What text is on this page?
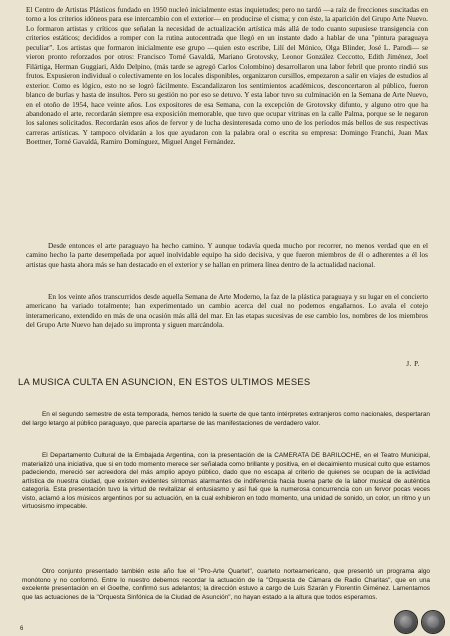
El Centro de Artistas Plásticos fundado en 1950 nucleó inicialmente estas inquietudes; pero no tardó —a raíz de frecciones suscitadas en torno a los criterios idóneos para ese intercambio con el exterior— en producirse el cisma; y con éste, la aparición del Grupo Arte Nuevo. Lo formaron artistas y críticos que señalan la necesidad de actualización artística más allá de todo cuanto supusiese transigencia con criterios estáticos; decididos a romper con la rutina autocentrada que llegó en un instante dado a hablar de una "pintura paraguaya peculiar". Los artistas que formaron inicialmente ese grupo —quien esto escribe, Lilí del Mónico, Olga Blinder, José L. Parodi— se vieron pronto reforzados por otros: Francisco Torné Gavaldá, Mariano Grotovsky, Leonor González Ceccotto, Edith Jiménez, Joel Filártiga, Herman Guggiari, Aldo Delpino, (más tarde se agregó Carlos Colombino) desarrollaron una labor febril que pronto rindió sus frutos. Expusieron individual o colectivamente en los locales disponibles, organizaron cursillos, empezaron a salir en viajes de estudios al exterior. Como es lógico, esto no se logró fácilmente. Escandalizaron los sentimientos académicos, desconcertaron al público, fueron blanco de burlas y hasta de insultos. Pero su gestión no por eso se detuvo. Y esta labor tuvo su culminación en la Semana de Arte Nuevo, en el otoño de 1954, hace veinte años. Los expositores de esa Semana, con la excepción de Grotovsky difunto, y alguno otro que ha abandonado el arte, recordarán siempre esa exposición memorable, que tuvo que ocupar vitrinas en la calle Palma, porque se le negaron los salones solicitados. Recordarán esos años de fervor y de lucha desinteresada como uno de los períodos más bellos de sus respectivas carreras artísticas. Y tampoco olvidarán a los que ayudaron con la palabra oral o escrita su empresa: Domingo Franchi, Juan Max Boettner, Torné Gavaldá, Ramiro Domínguez, Miguel Angel Fernández.

Desde entonces el arte paraguayo ha hecho camino. Y aunque todavía queda mucho por recorrer, no menos verdad que en el camino hecho la parte desempeñada por aquel inolvidable equipo ha sido decisiva, y que fueron miembros de él o adherentes a él los artistas que hasta ahora más se han destacado en el exterior y se hallan en primera línea dentro de la actualidad nacional.

En los veinte años transcurridos desde aquella Semana de Arte Moderno, la faz de la plástica paraguaya y su lugar en el concierto americano ha variado totalmente; han experimentado un cambio acerca del cual no podemos engañarnos. Lo avala el cotejo interamericano, extendido en más de una ocasión más allá del mar. En las etapas sucesivas de ese cambio los, nombres de los miembros del Grupo Arte Nuevo han dejado su impronta y siguen marcándola.

J. P.
LA MUSICA CULTA EN ASUNCION, EN ESTOS ULTIMOS MESES

En el segundo semestre de esta temporada, hemos tenido la suerte de que tanto intérpretes extranjeros como nacionales, despertaran del largo letargo al público paraguayo, que parecía apartarse de las manifestaciones de verdadero valor.

El Departamento Cultural de la Embajada Argentina, con la presentación de la CAMERATA DE BARILOCHE, en el Teatro Municipal, materializó una iniciativa, que si en todo momento merece ser señalada como brillante y positiva, en el decaimiento musical culto que estamos padeciendo, mereció ser acreedora del más amplio apoyo público, dado que no escapa al criterio de quienes se ocupan de la actividad artística de nuestra ciudad, que existen evidentes síntomas alarmantes de indiferencia hacia buena parte de la labor musical de auténtica categoría. Esta presentación tuvo la virtud de revitalizar el entusiasmo y así fué que la numerosa concurrencia con un fervor pocas veces visto, aclamó a los músicos argentinos por su actuación, en la cual exhibieron en todo momento, una unidad de sonido, un color, un ritmo y un virtuosismo impecable.

Otro conjunto presentado también este año fue el "Pro-Arte Quartet", cuarteto norteamericano, que presentó un programa algo monótono y no conformó. Entre lo nuestro debemos recordar la actuación de la "Orquesta de Cámara de Radio Charitas", que en una excelente presentación en el Goethe, confirmó sus adelantos; la dirección estuvo a cargo de Luis Szarán y Florentín Giménez. Lamentamos que las actuaciones de la "Orquesta Sinfónica de la Ciudad de Asunción", no hayan estado a la altura que todos esperamos.

6
